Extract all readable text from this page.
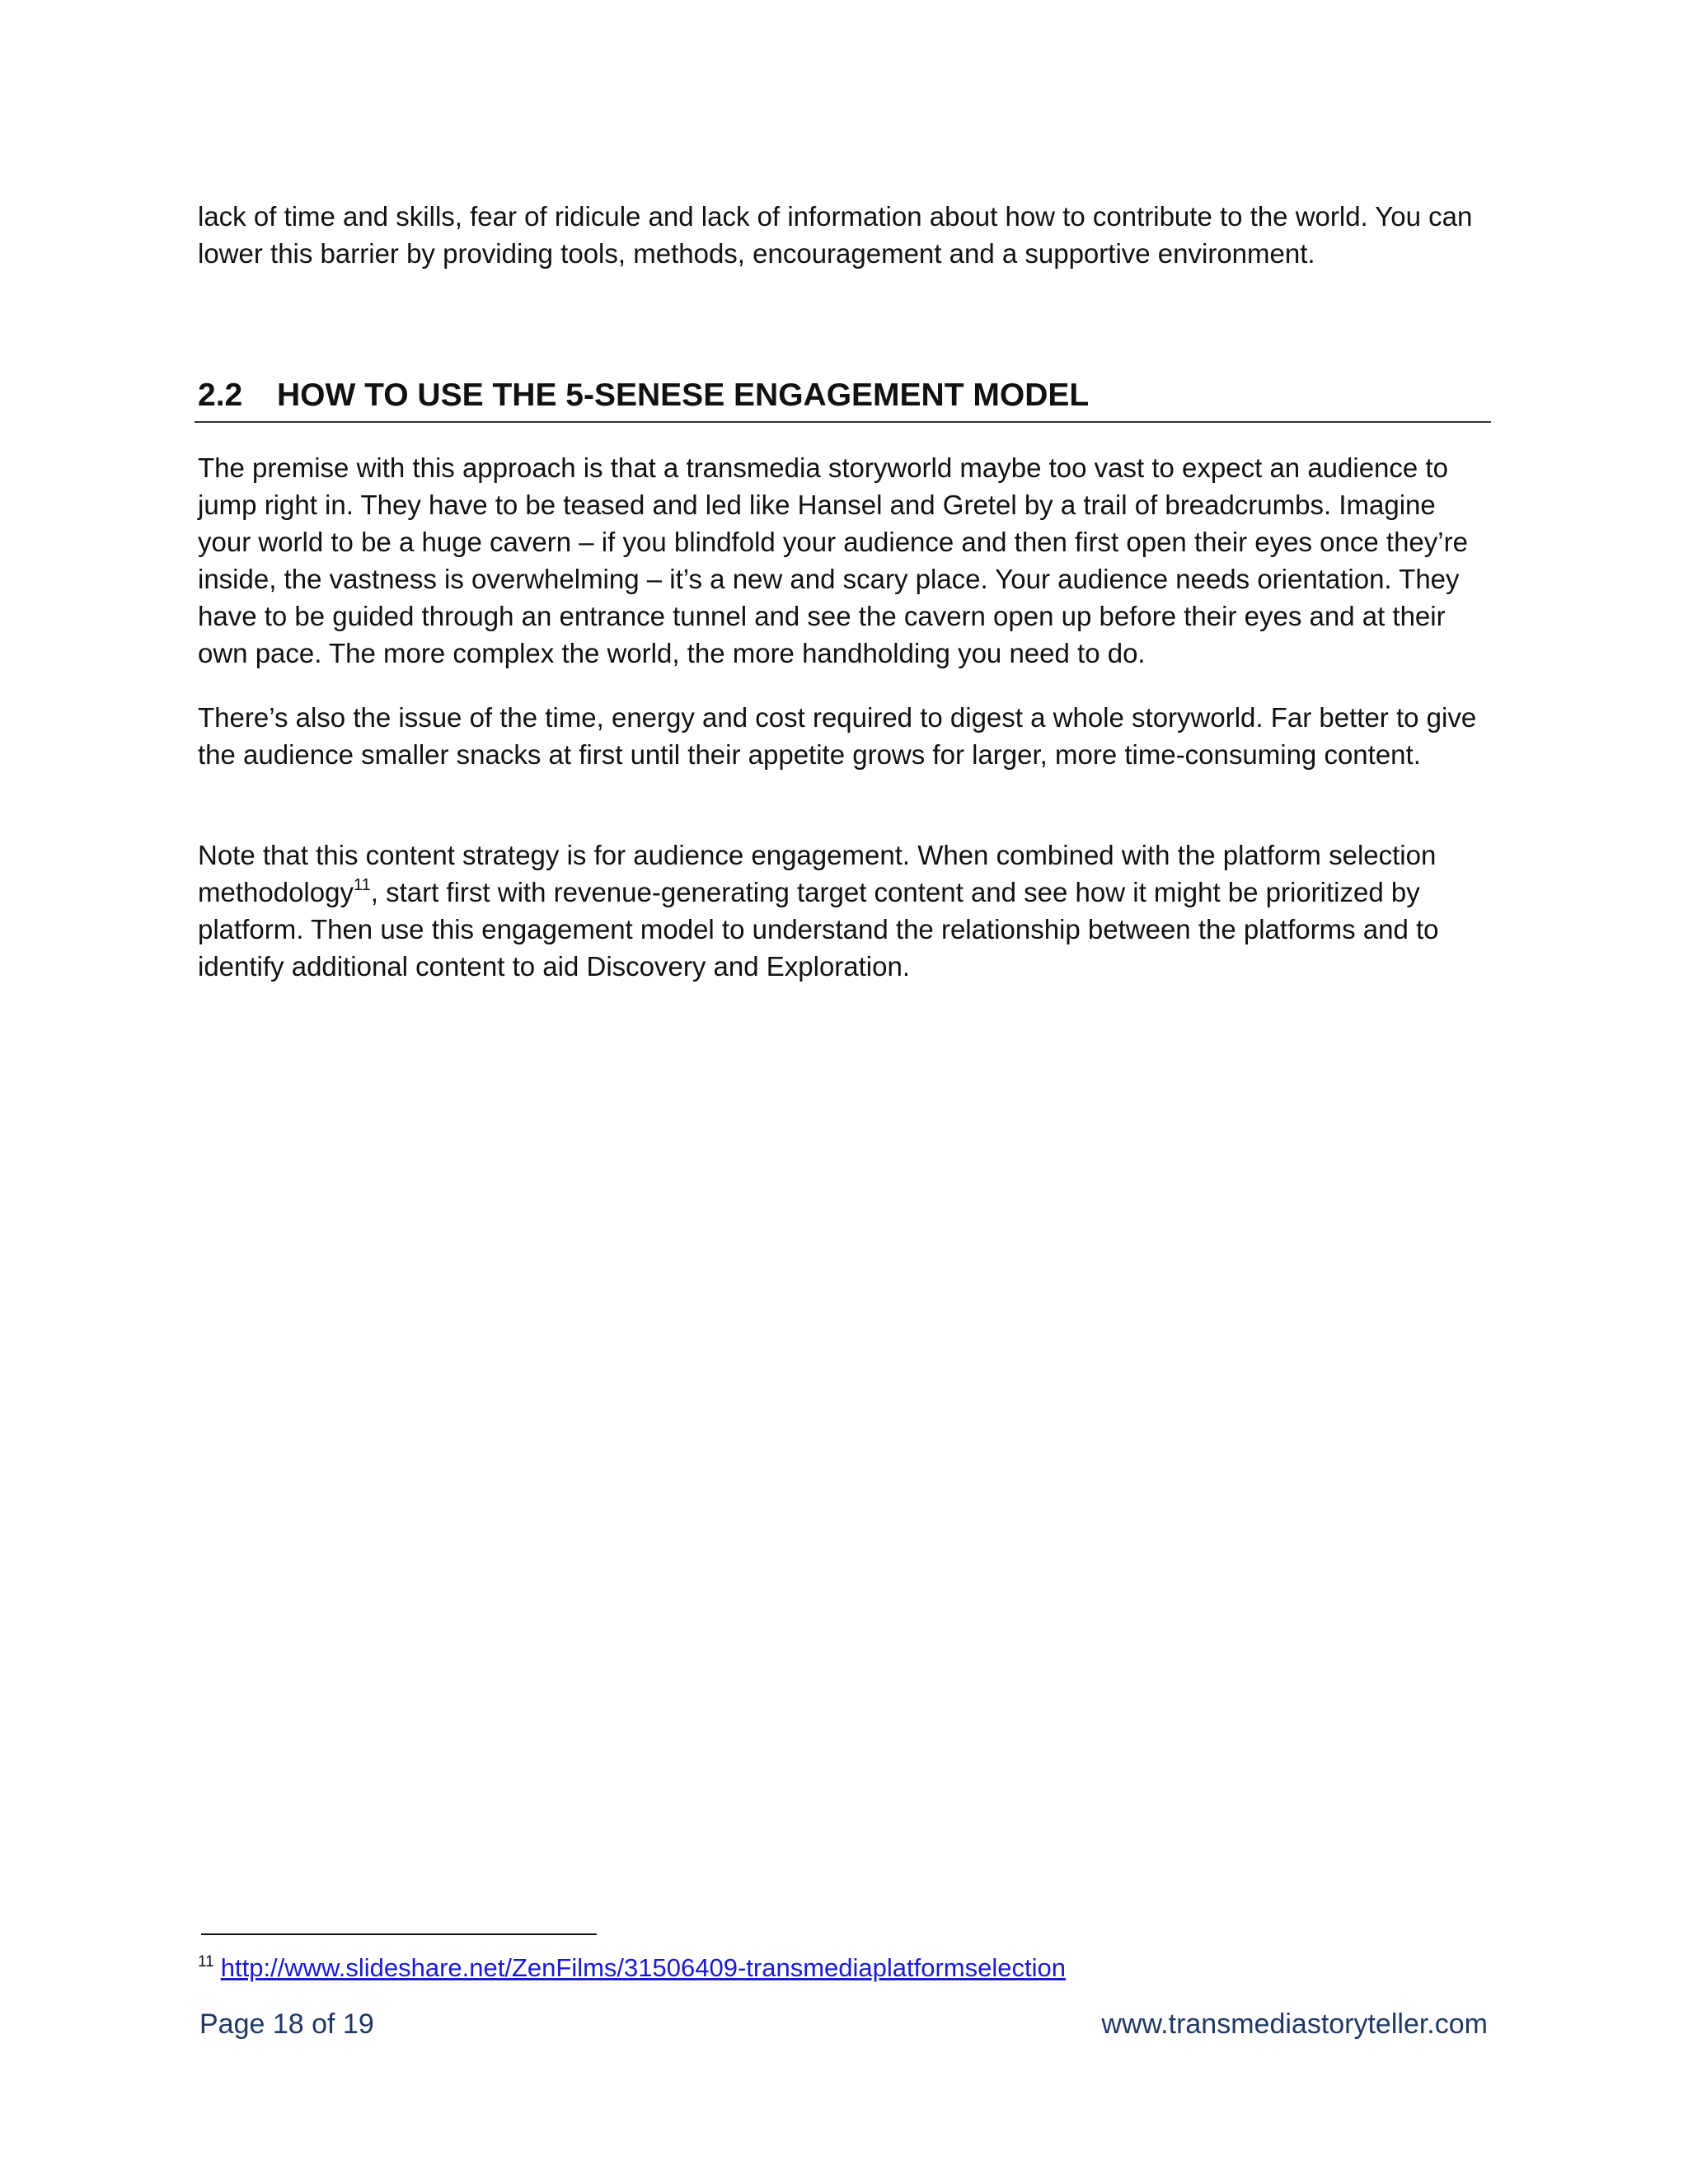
lack of time and skills, fear of ridicule and lack of information about how to contribute to the world. You can lower this barrier by providing tools, methods, encouragement and a supportive environment.

2.2 HOW TO USE THE 5-SENESE ENGAGEMENT MODEL

The premise with this approach is that a transmedia storyworld maybe too vast to expect an audience to jump right in. They have to be teased and led like Hansel and Gretel by a trail of breadcrumbs. Imagine your world to be a huge cavern – if you blindfold your audience and then first open their eyes once they’re inside, the vastness is overwhelming – it’s a new and scary place. Your audience needs orientation. They have to be guided through an entrance tunnel and see the cavern open up before their eyes and at their own pace. The more complex the world, the more handholding you need to do.

There’s also the issue of the time, energy and cost required to digest a whole storyworld. Far better to give the audience smaller snacks at first until their appetite grows for larger, more time-consuming content.

Note that this content strategy is for audience engagement. When combined with the platform selection methodology$^{11}$, start first with revenue-generating target content and see how it might be prioritized by platform. Then use this engagement model to understand the relationship between the platforms and to identify additional content to aid Discovery and Exploration.

$^{11}$ http://www.slideshare.net/ZenFilms/31506409-transmediaplatformselection
Page 18 of 19	www.transmediastoryteller.com
